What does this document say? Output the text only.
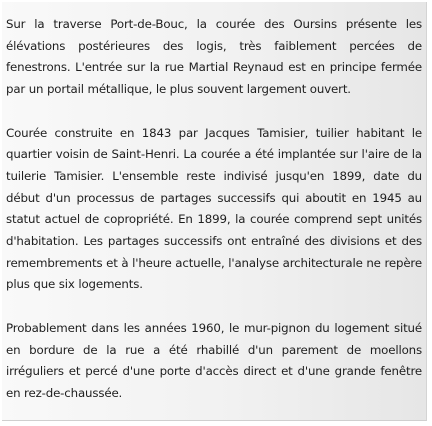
Sur la traverse Port-de-Bouc, la courée des Oursins présente les élévations postérieures des logis, très faiblement percées de fenestrons. L'entrée sur la rue Martial Reynaud est en principe fermée par un portail métallique, le plus souvent largement ouvert.

Courée construite en 1843 par Jacques Tamisier, tuilier habitant le quartier voisin de Saint-Henri. La courée a été implantée sur l'aire de la tuilerie Tamisier. L'ensemble reste indivisé jusqu'en 1899, date du début d'un processus de partages successifs qui aboutit en 1945 au statut actuel de copropriété. En 1899, la courée comprend sept unités d'habitation. Les partages successifs ont entraîné des divisions et des remembrements et à l'heure actuelle, l'analyse architecturale ne repère plus que six logements.

Probablement dans les années 1960, le mur-pignon du logement situé en bordure de la rue a été rhabillé d'un parement de moellons irréguliers et percé d'une porte d'accès direct et d'une grande fenêtre en rez-de-chaussée.
